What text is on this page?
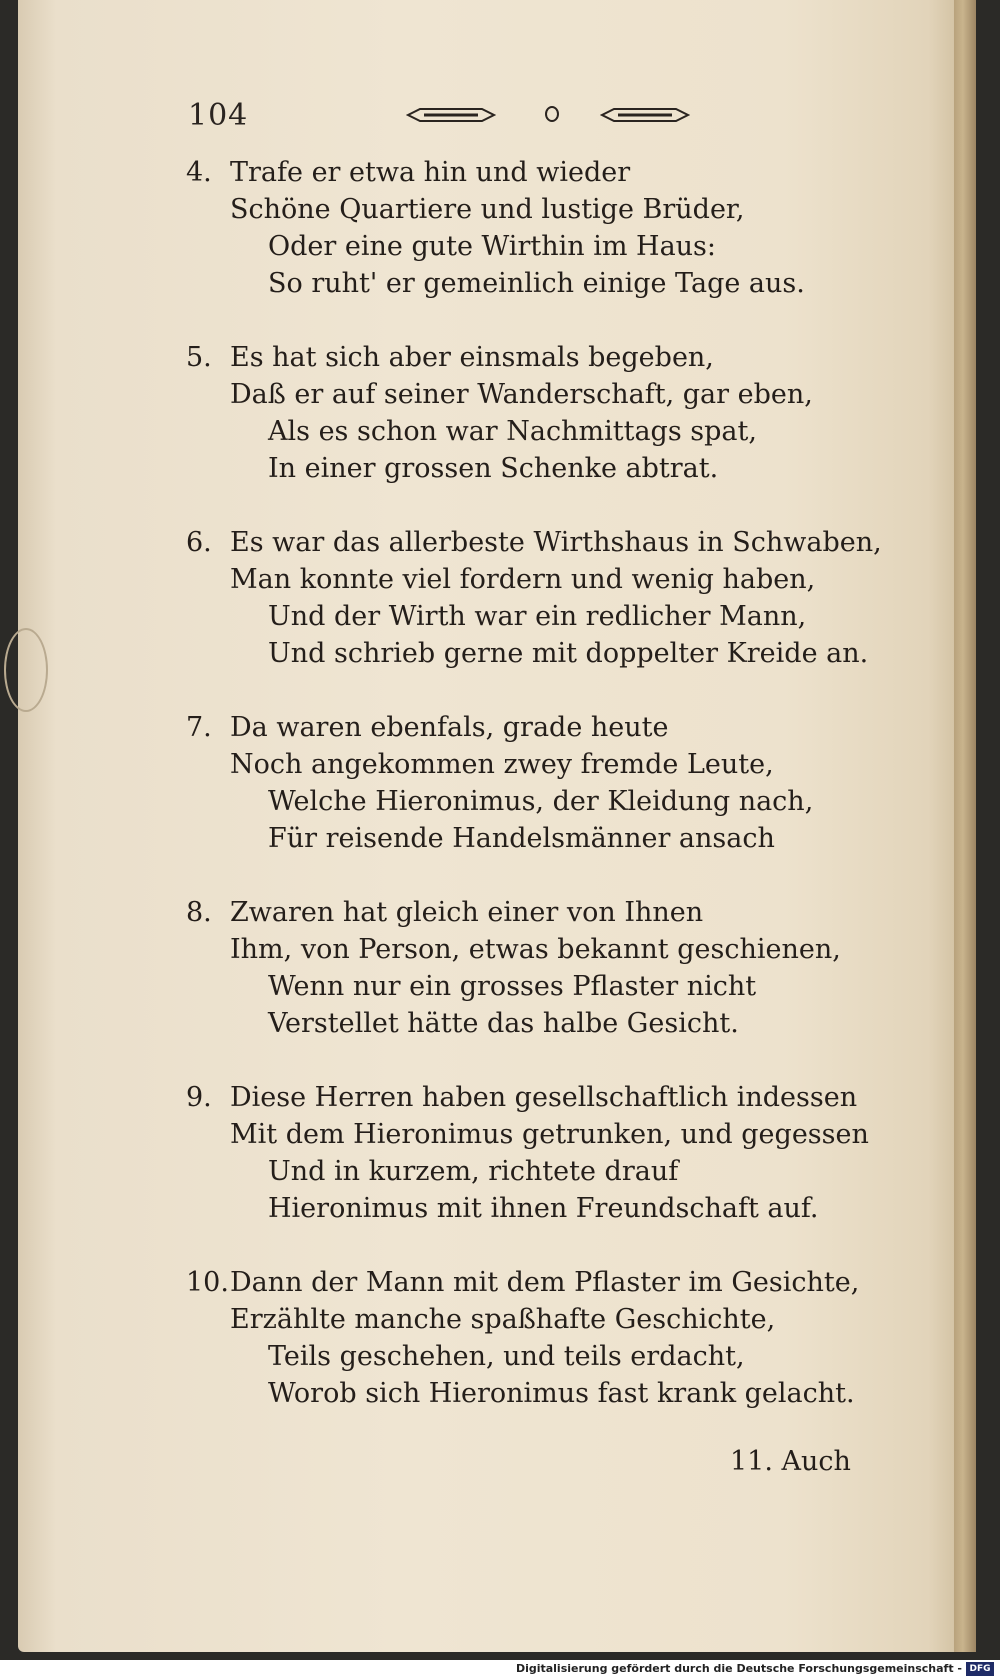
104
4. Trafe er etwa hin und wieder
Schöne Quartiere und lustige Brüder,
Oder eine gute Wirthin im Haus:
So ruht' er gemeinlich einige Tage aus.
5. Es hat sich aber einsmals begeben,
Daß er auf seiner Wanderschaft, gar eben,
Als es schon war Nachmittags spat,
In einer grossen Schenke abtrat.
6. Es war das allerbeste Wirthshaus in Schwaben,
Man konnte viel fordern und wenig haben,
Und der Wirth war ein redlicher Mann,
Und schrieb gerne mit doppelter Kreide an.
7. Da waren ebenfals, grade heute
Noch angekommen zwey fremde Leute,
Welche Hieronimus, der Kleidung nach,
Für reisende Handelsmänner ansach
8. Zwaren hat gleich einer von Ihnen
Ihm, von Person, etwas bekannt geschienen,
Wenn nur ein grosses Pflaster nicht
Verstellet hätte das halbe Gesicht.
9. Diese Herren haben gesellschaftlich indessen
Mit dem Hieronimus getrunken, und gegessen
Und in kurzem, richtete drauf
Hieronimus mit ihnen Freundschaft auf.
10.Dann der Mann mit dem Pflaster im Gesichte,
Erzählte manche spaßhafte Geschichte,
Teils geschehen, und teils erdacht,
Worob sich Hieronimus fast krank gelacht.
11. Auch
Digitalisierung gefördert durch die Deutsche Forschungsgemeinschaft - DFG
